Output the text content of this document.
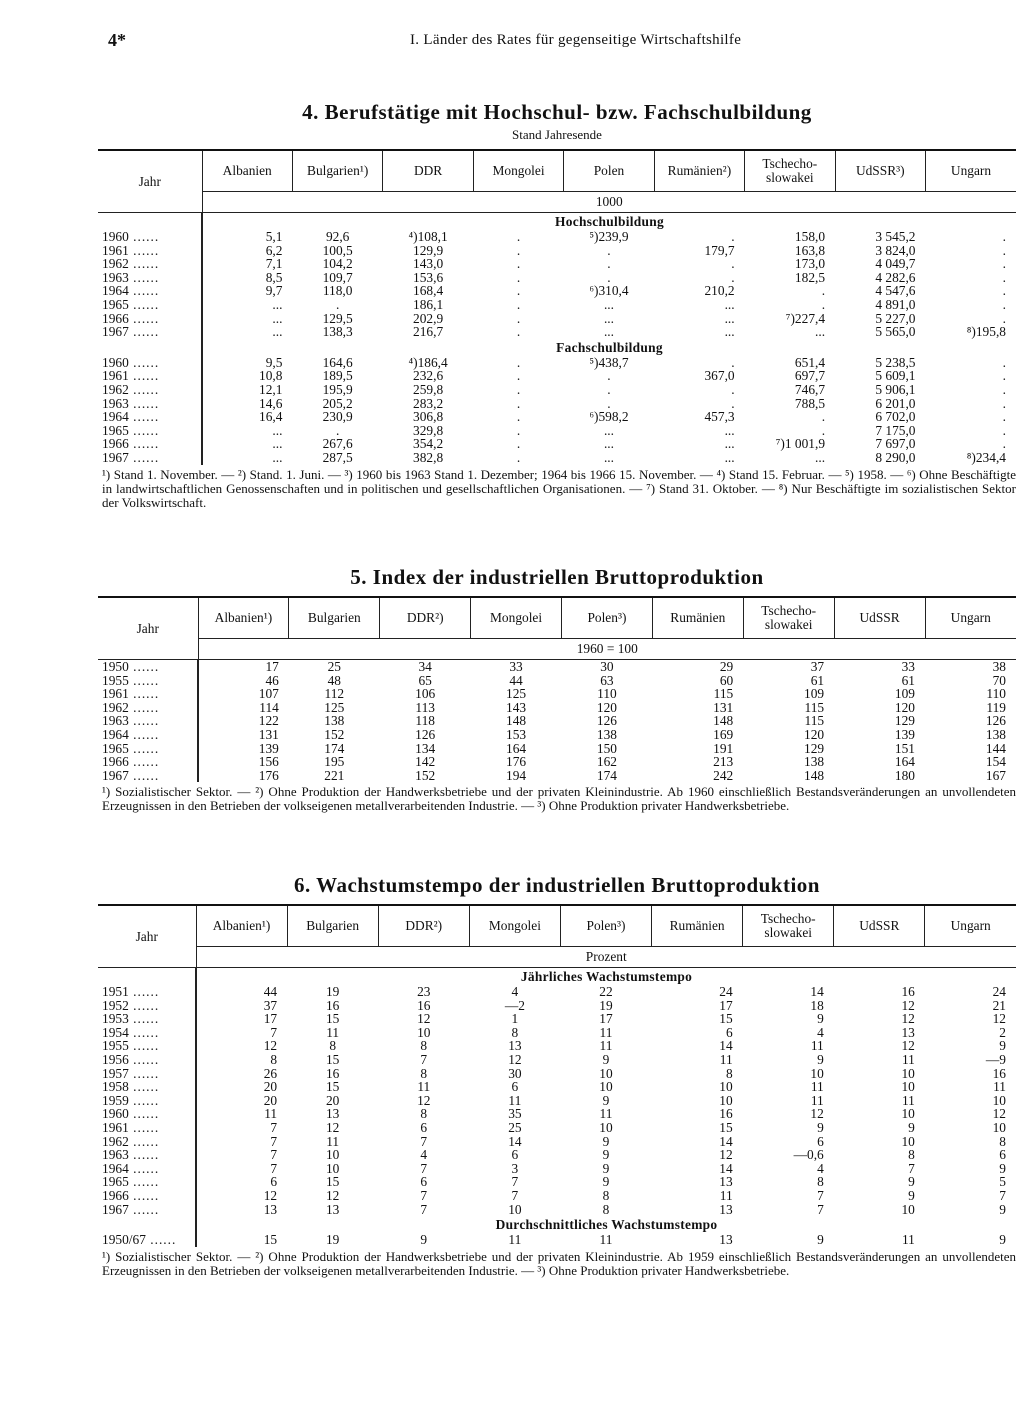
4*	I. Länder des Rates für gegenseitige Wirtschaftshilfe
4. Berufstätige mit Hochschul- bzw. Fachschulbildung
Stand Jahresende
Jahr	Albanien	Bulgarien¹)	DDR	Mongolei	Polen	Rumänien²)	Tschecho-slowakei	UdSSR³)	Ungarn
	1000								
	Hochschulbildung								
1960 ......	5,1	92,6	⁴)108,1	.	⁵)239,9	.	158,0	3 545,2	.
1961 ......	6,2	100,5	129,9	.	.	179,7	163,8	3 824,0	.
1962 ......	7,1	104,2	143,0	.	.	.	173,0	4 049,7	.
1963 ......	8,5	109,7	153,6	.	.	.	182,5	4 282,6	.
1964 ......	9,7	118,0	168,4	.	⁶)310,4	210,2	.	4 547,6	.
1965 ......	...	.	186,1	.	...	...	.	4 891,0	.
1966 ......	...	129,5	202,9	.	...	...	⁷)227,4	5 227,0	.
1967 ......	...	138,3	216,7	.	...	...	...	5 565,0	⁸)195,8
	Fachschulbildung								
1960 ......	9,5	164,6	⁴)186,4	.	⁵)438,7	.	651,4	5 238,5	.
1961 ......	10,8	189,5	232,6	.	.	367,0	697,7	5 609,1	.
1962 ......	12,1	195,9	259,8	.	.	.	746,7	5 906,1	.
1963 ......	14,6	205,2	283,2	.	.	.	788,5	6 201,0	.
1964 ......	16,4	230,9	306,8	.	⁶)598,2	457,3	.	6 702,0	.
1965 ......	...	.	329,8	.	...	...	.	7 175,0	.
1966 ......	...	267,6	354,2	.	...	...	⁷)1 001,9	7 697,0	.
1967 ......	...	287,5	382,8	.	...	...	...	8 290,0	⁸)234,4
¹) Stand 1. November. — ²) Stand. 1. Juni. — ³) 1960 bis 1963 Stand 1. Dezember; 1964 bis 1966 15. November. — ⁴) Stand 15. Februar. — ⁵) 1958. — ⁶) Ohne Beschäftigte in landwirtschaftlichen Genossenschaften und in politischen und gesellschaftlichen Organisationen. — ⁷) Stand 31. Oktober. — ⁸) Nur Beschäftigte im sozialistischen Sektor der Volkswirtschaft.
5. Index der industriellen Bruttoproduktion
Jahr	Albanien¹)	Bulgarien	DDR²)	Mongolei	Polen³)	Rumänien	Tschecho-slowakei	UdSSR	Ungarn
	1960 = 100								
1950 ......	17	25	34	33	30	29	37	33	38
1955 ......	46	48	65	44	63	60	61	61	70
1961 ......	107	112	106	125	110	115	109	109	110
1962 ......	114	125	113	143	120	131	115	120	119
1963 ......	122	138	118	148	126	148	115	129	126
1964 ......	131	152	126	153	138	169	120	139	138
1965 ......	139	174	134	164	150	191	129	151	144
1966 ......	156	195	142	176	162	213	138	164	154
1967 ......	176	221	152	194	174	242	148	180	167
¹) Sozialistischer Sektor. — ²) Ohne Produktion der Handwerksbetriebe und der privaten Kleinindustrie. Ab 1960 einschließlich Bestandsveränderungen an unvollendeten Erzeugnissen in den Betrieben der volkseigenen metallverarbeitenden Industrie. — ³) Ohne Produktion privater Handwerksbetriebe.
6. Wachstumstempo der industriellen Bruttoproduktion
Jahr	Albanien¹)	Bulgarien	DDR²)	Mongolei	Polen³)	Rumänien	Tschecho-slowakei	UdSSR	Ungarn
	Prozent								
	Jährliches Wachstumstempo								
1951 ......	44	19	23	4	22	24	14	16	24
1952 ......	37	16	16	—2	19	17	18	12	21
1953 ......	17	15	12	1	17	15	9	12	12
1954 ......	7	11	10	8	11	6	4	13	2
1955 ......	12	8	8	13	11	14	11	12	9
1956 ......	8	15	7	12	9	11	9	11	—9
1957 ......	26	16	8	30	10	8	10	10	16
1958 ......	20	15	11	6	10	10	11	10	11
1959 ......	20	20	12	11	9	10	11	11	10
1960 ......	11	13	8	35	11	16	12	10	12
1961 ......	7	12	6	25	10	15	9	9	10
1962 ......	7	11	7	14	9	14	6	10	8
1963 ......	7	10	4	6	9	12	—0,6	8	6
1964 ......	7	10	7	3	9	14	4	7	9
1965 ......	6	15	6	7	9	13	8	9	5
1966 ......	12	12	7	7	8	11	7	9	7
1967 ......	13	13	7	10	8	13	7	10	9
	Durchschnittliches Wachstumstempo								
1950/67 ......	15	19	9	11	11	13	9	11	9
¹) Sozialistischer Sektor. — ²) Ohne Produktion der Handwerksbetriebe und der privaten Kleinindustrie. Ab 1959 einschließlich Bestandsveränderungen an unvollendeten Erzeugnissen in den Betrieben der volkseigenen metallverarbeitenden Industrie. — ³) Ohne Produktion privater Handwerksbetriebe.
